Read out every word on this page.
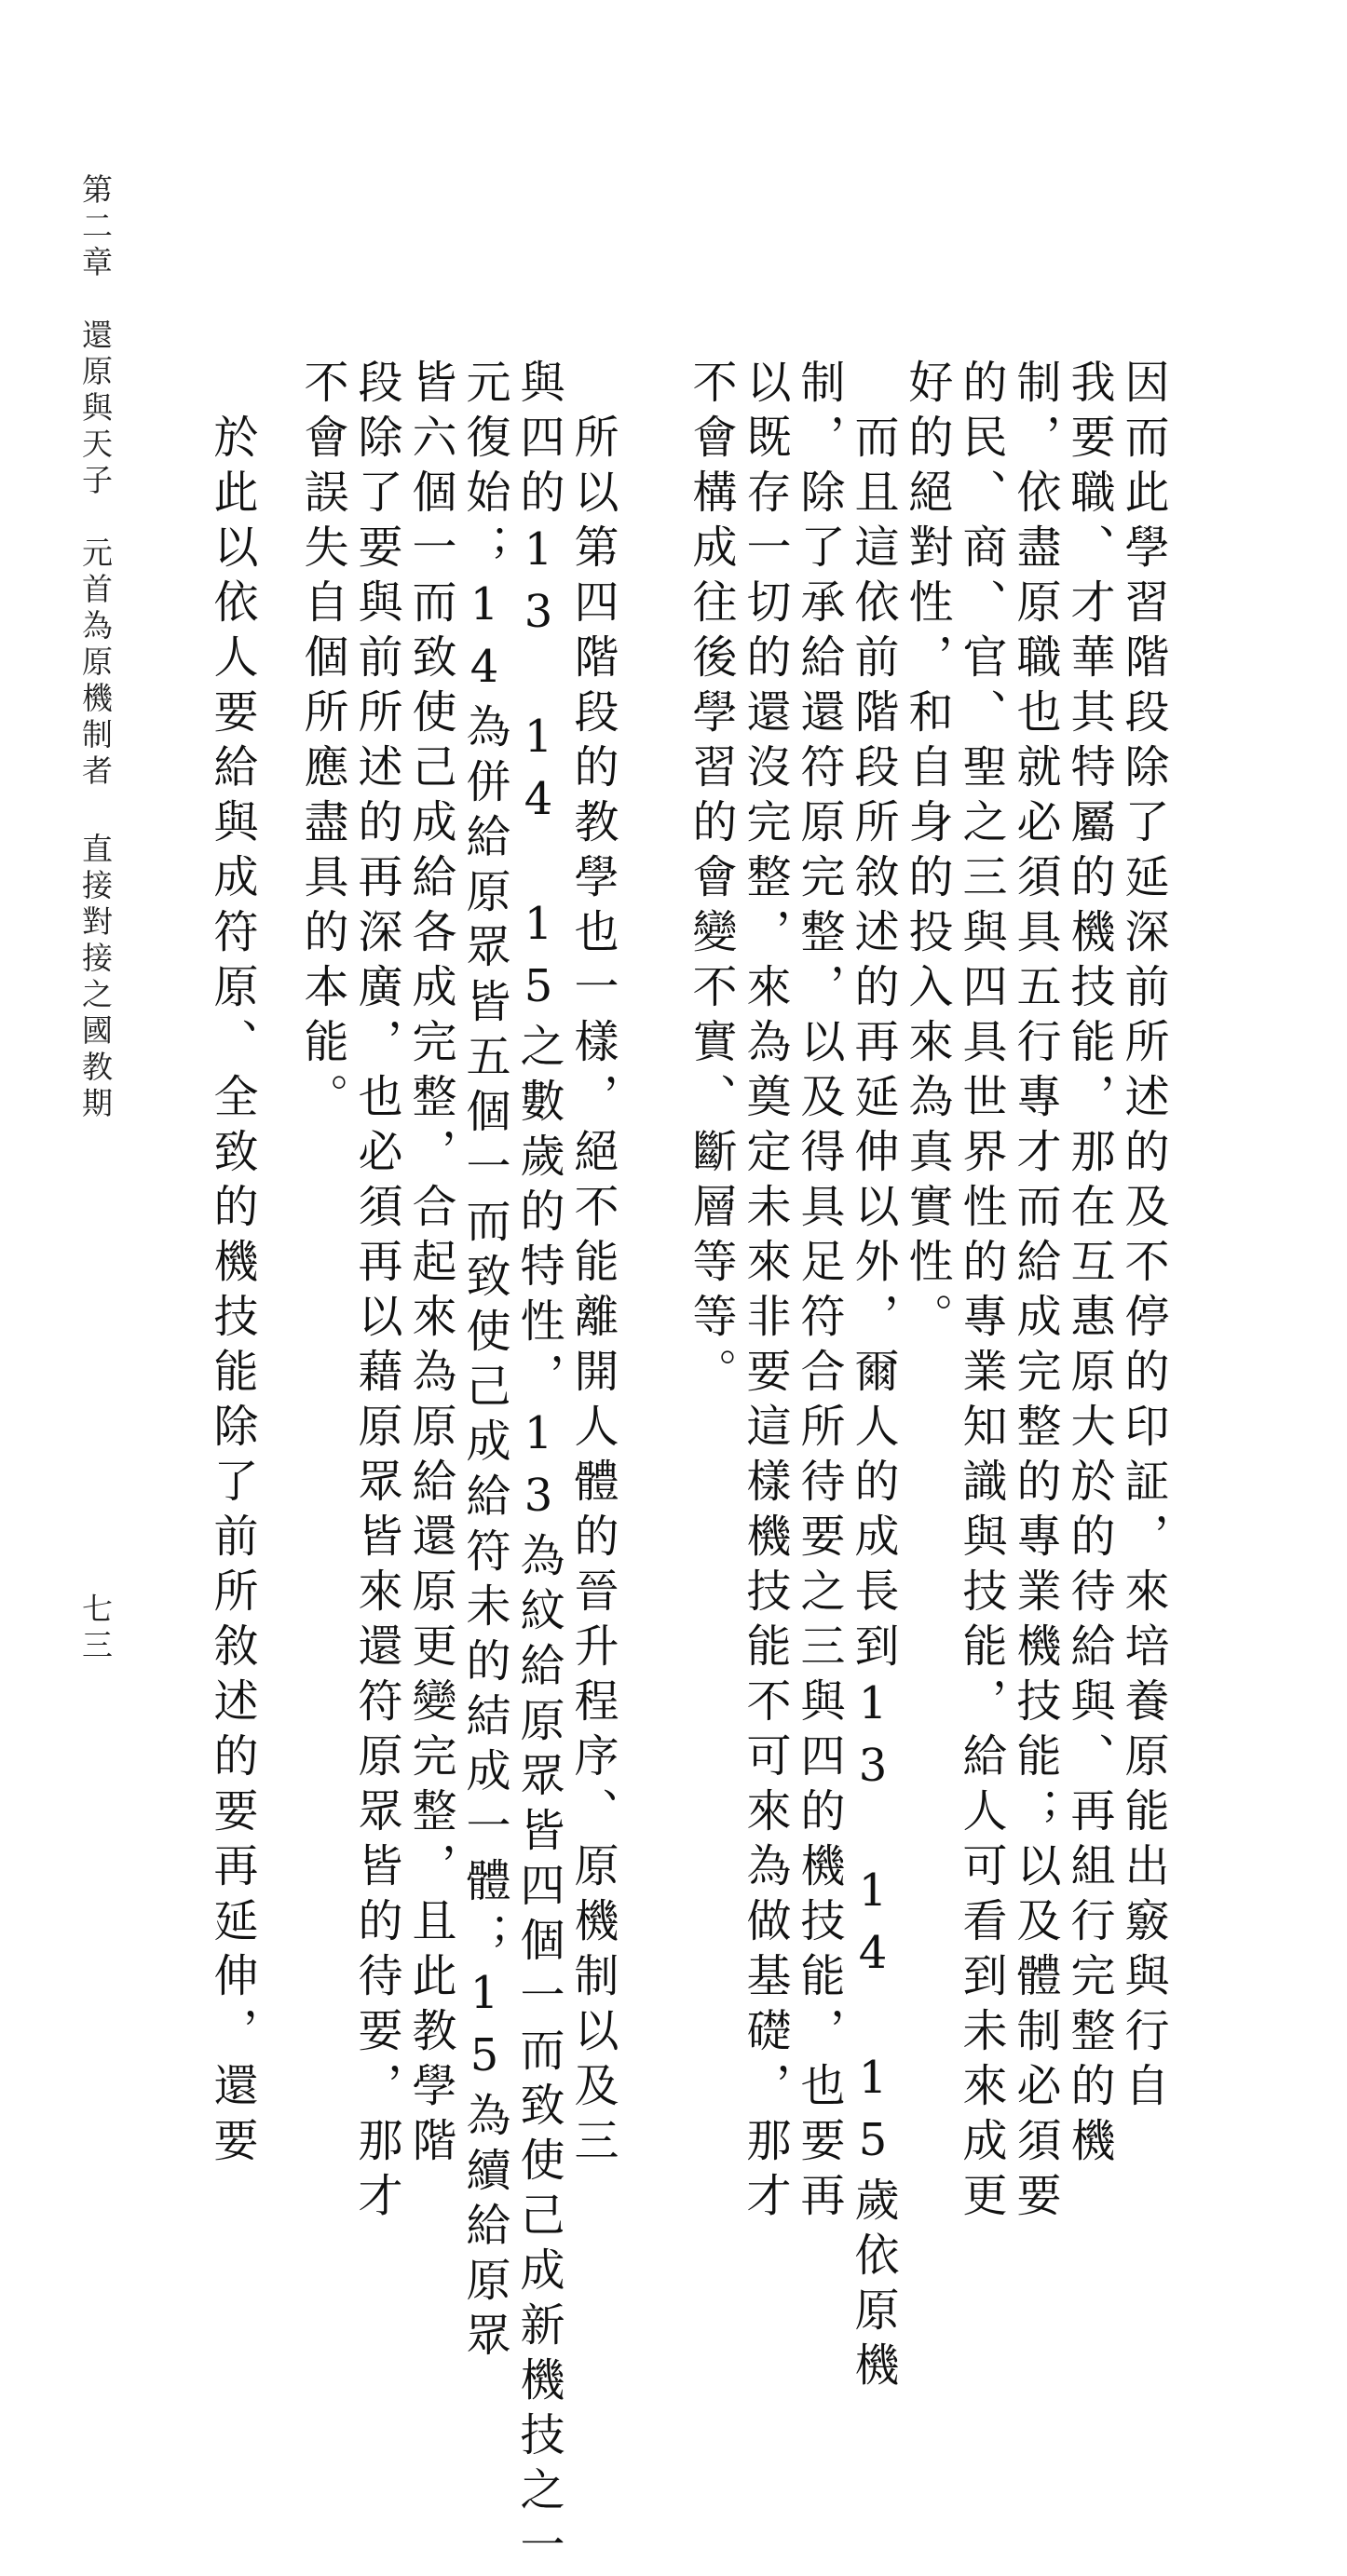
因而此學習階段除了延深前所述的及不停的印証，來培養原能出竅與行自
我要職、才華其特屬的機技能，那在互惠原大於的待給與、再組行完整的機
制，依盡原職也就必須具五行專才而給成完整的專業機技能；以及體制必須要
的民、商、官、聖之三與四具世界性的專業知識與技能，給人可看到未來成更
好的絕對性，和自身的投入來為真實性。
　而且這依前階段所敘述的再延伸以外，爾人的成長到13 14 15歲依原機
制，除了承給還符原完整，以及得具足符合所待要之三與四的機技能，也要再
以既存一切的還沒完整，來為奠定未來非要這樣機技能不可來為做基礎，那才
不會構成往後學習的會變不實、斷層等等。
　所以第四階段的教學也一樣，絕不能離開人體的晉升程序、原機制以及三
與四的13 14 15之數歲的特性，13為紋給原眾皆四個一而致使己成新機技之一
元復始；14為併給原眾皆五個一而致使己成給符未的結成一體；15為續給原眾
皆六個一而致使己成給各成完整，合起來為原給還原更變完整，且此教學階
段除了要與前所述的再深廣，也必須再以藉原眾皆來還符原眾皆的待要，那才
不會誤失自個所應盡具的本能。
　於此以依人要給與成符原、全致的機技能除了前所敘述的要再延伸，還要
第二章　還原與天子　元首為原機制者 直接對接之國教期
七三
